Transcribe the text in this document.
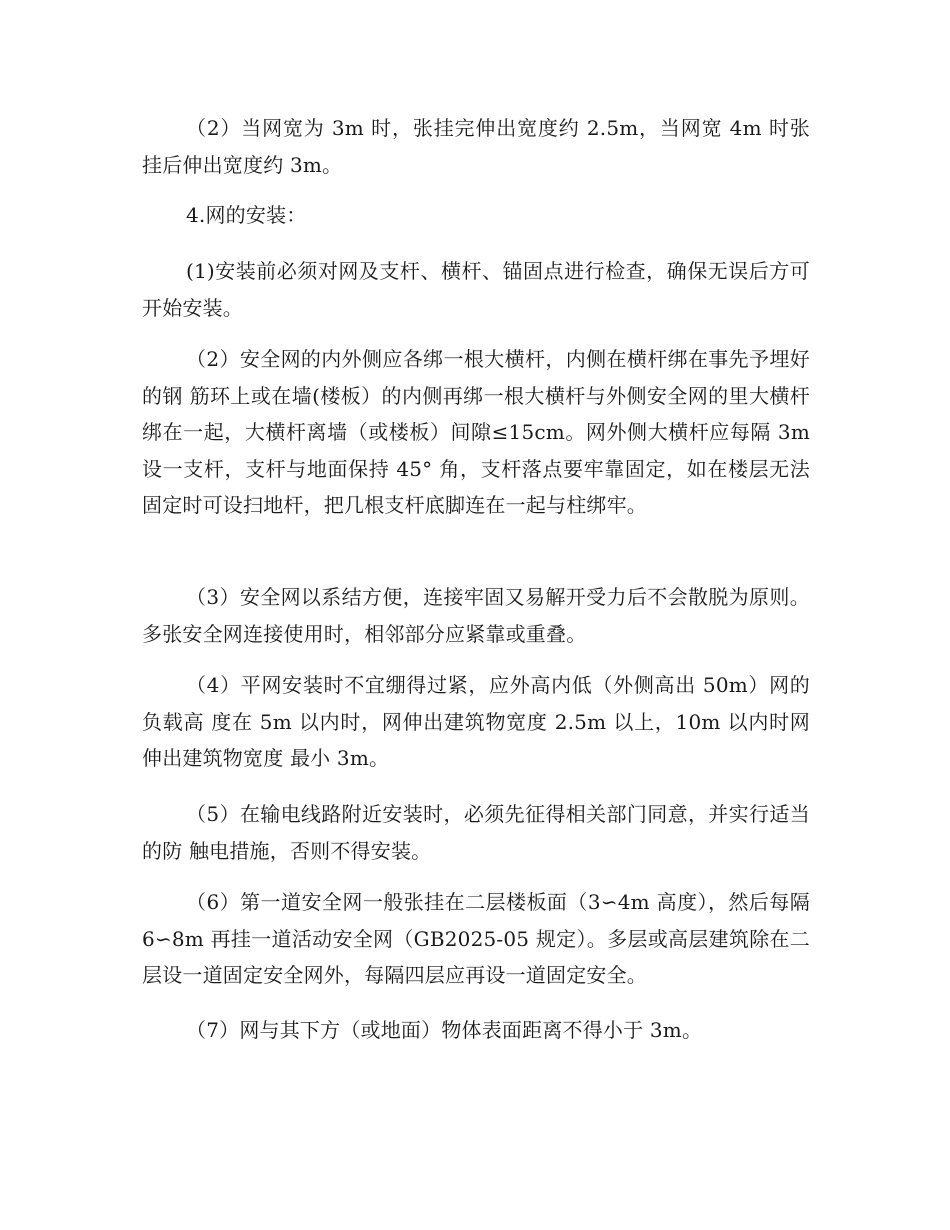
（2）当网宽为 3m 时，张挂完伸出宽度约 2.5m，当网宽 4m 时张挂后伸出宽度约 3m。

4.网的安装：

(1)安装前必须对网及支杆、横杆、锚固点进行检查，确保无误后方可开始安装。

（2）安全网的内外侧应各绑一根大横杆，内侧在横杆绑在事先予埋好的钢 筋环上或在墙(楼板）的内侧再绑一根大横杆与外侧安全网的里大横杆绑在一起，大横杆离墙（或楼板）间隙≤15cm。网外侧大横杆应每隔 3m 设一支杆，支杆与地面保持 45° 角，支杆落点要牢靠固定，如在楼层无法固定时可设扫地杆，把几根支杆底脚连在一起与柱绑牢。

（3）安全网以系结方便，连接牢固又易解开受力后不会散脱为原则。多张安全网连接使用时，相邻部分应紧靠或重叠。

（4）平网安装时不宜绷得过紧，应外高内低（外侧高出 50m）网的负载高 度在 5m 以内时，网伸出建筑物宽度 2.5m 以上，10m 以内时网伸出建筑物宽度 最小 3m。

（5）在输电线路附近安装时，必须先征得相关部门同意，并实行适当的防 触电措施，否则不得安装。

（6）第一道安全网一般张挂在二层楼板面（3∽4m 高度），然后每隔 6∽8m 再挂一道活动安全网（GB2025-05 规定）。多层或高层建筑除在二层设一道固定安全网外，每隔四层应再设一道固定安全。

（7）网与其下方（或地面）物体表面距离不得小于 3m。
